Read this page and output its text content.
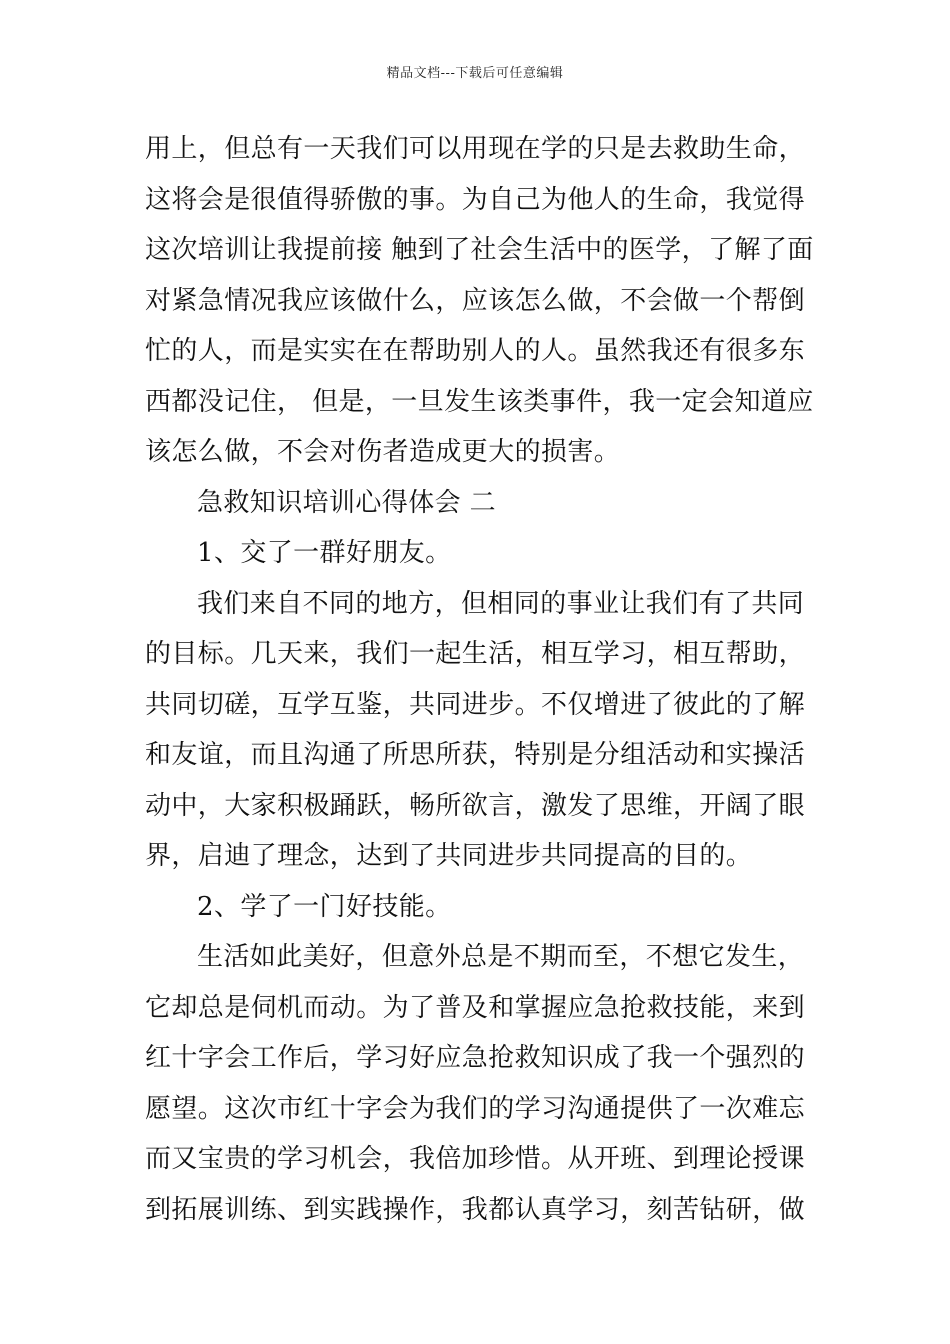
精品文档---下载后可任意编辑
用上，但总有一天我们可以用现在学的只是去救助生命，
这将会是很值得骄傲的事。为自己为他人的生命，我觉得
这次培训让我提前接 触到了社会生活中的医学，了解了面
对紧急情况我应该做什么，应该怎么做，不会做一个帮倒
忙的人，而是实实在在帮助别人的人。虽然我还有很多东
西都没记住， 但是，一旦发生该类事件，我一定会知道应
该怎么做，不会对伤者造成更大的损害。
急救知识培训心得体会 二
1、交了一群好朋友。
我们来自不同的地方，但相同的事业让我们有了共同
的目标。几天来，我们一起生活，相互学习，相互帮助，
共同切磋，互学互鉴，共同进步。不仅增进了彼此的了解
和友谊，而且沟通了所思所获，特别是分组活动和实操活
动中，大家积极踊跃，畅所欲言，激发了思维，开阔了眼
界，启迪了理念，达到了共同进步共同提高的目的。
2、学了一门好技能。
生活如此美好，但意外总是不期而至，不想它发生，
它却总是伺机而动。为了普及和掌握应急抢救技能，来到
红十字会工作后，学习好应急抢救知识成了我一个强烈的
愿望。这次市红十字会为我们的学习沟通提供了一次难忘
而又宝贵的学习机会，我倍加珍惜。从开班、到理论授课
到拓展训练、到实践操作，我都认真学习，刻苦钻研，做
